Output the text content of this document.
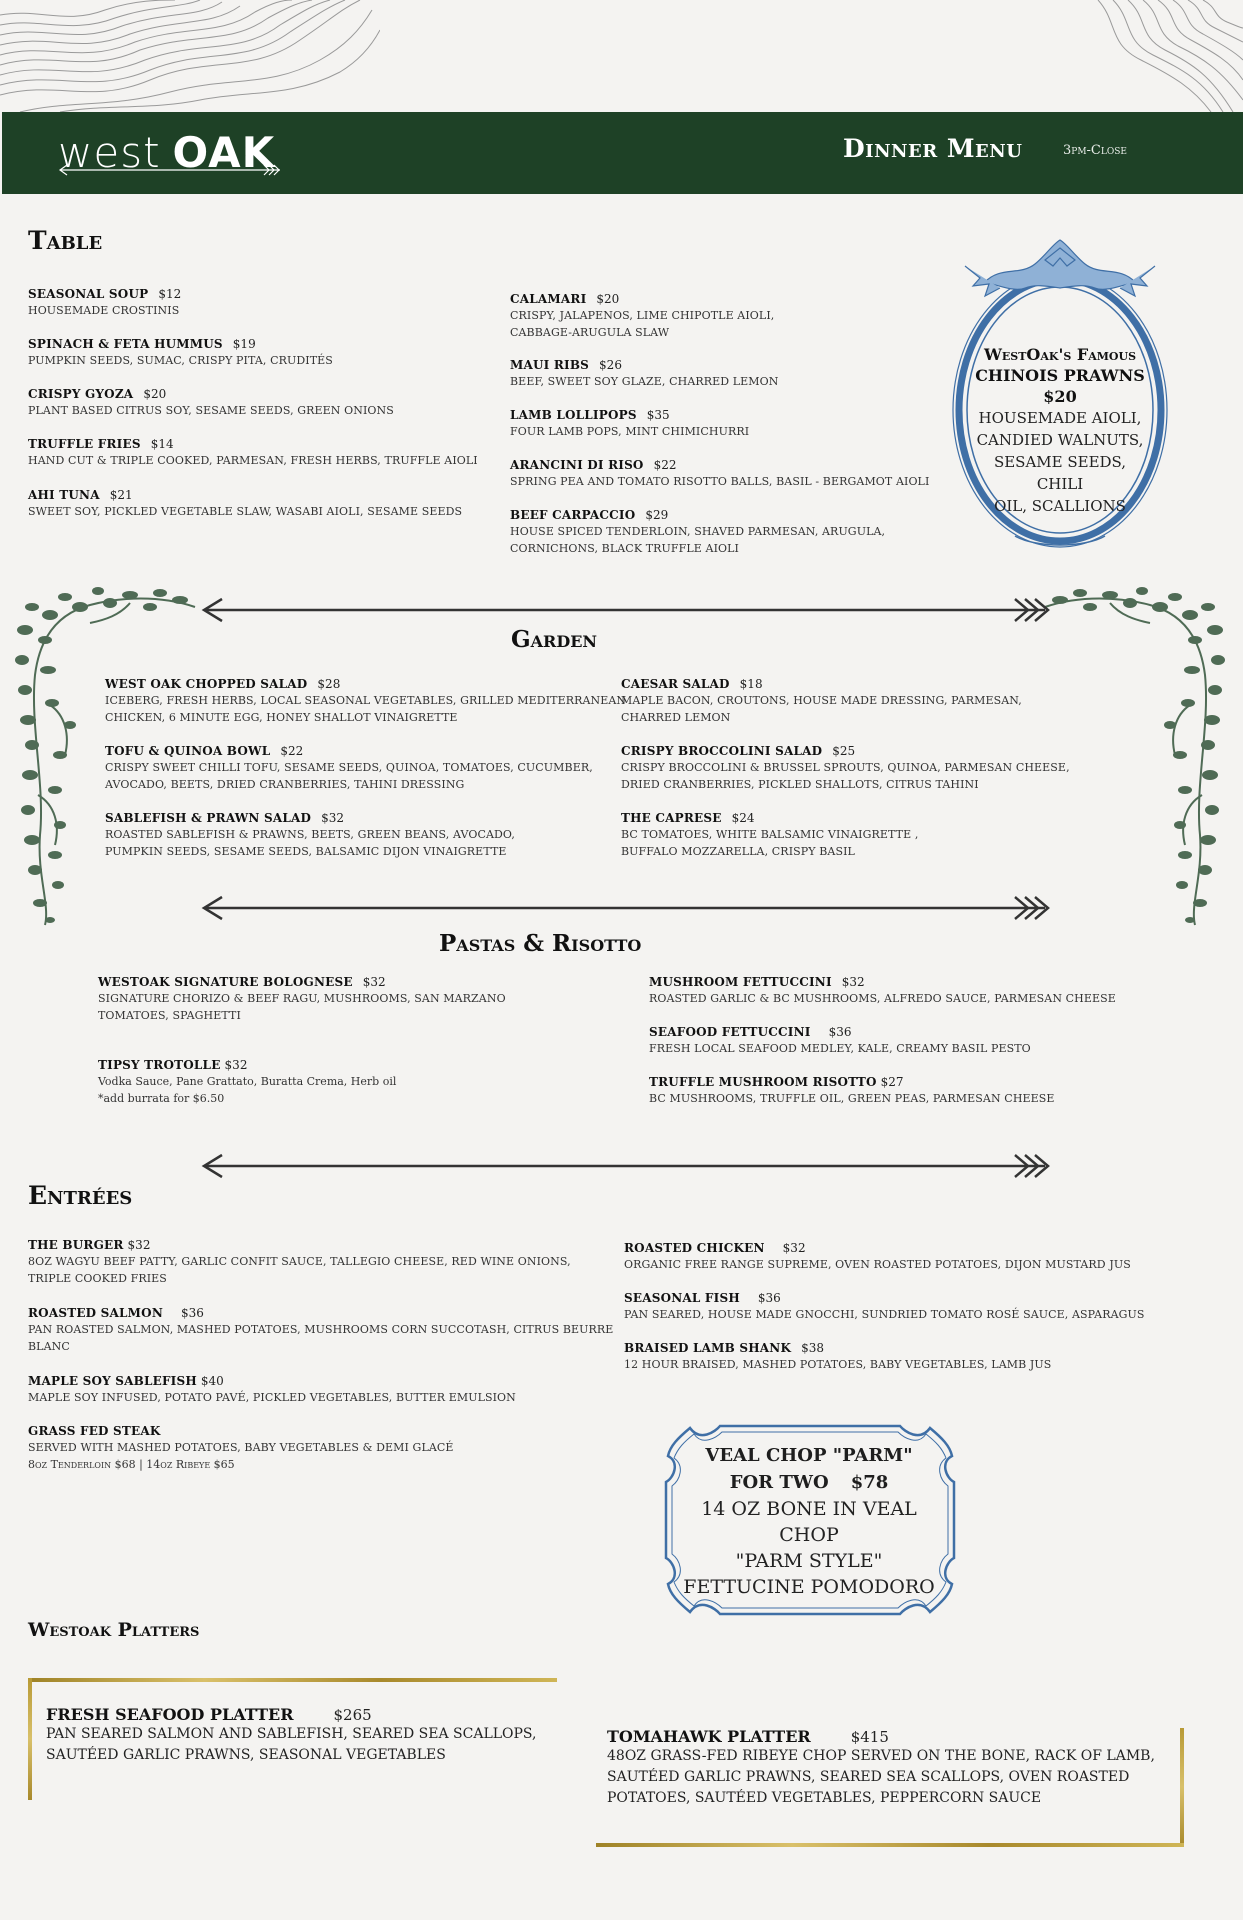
west OAK	Dinner Menu	3pm-Close
Table
SEASONAL SOUP $12
HOUSEMADE CROSTINIS
SPINACH & FETA HUMMUS $19
PUMPKIN SEEDS, SUMAC, CRISPY PITA, CRUDITÉS
CRISPY GYOZA $20
PLANT BASED CITRUS SOY, SESAME SEEDS, GREEN ONIONS
TRUFFLE FRIES $14
HAND CUT & TRIPLE COOKED, PARMESAN, FRESH HERBS, TRUFFLE AIOLI
AHI TUNA $21
SWEET SOY, PICKLED VEGETABLE SLAW, WASABI AIOLI, SESAME SEEDS
CALAMARI $20
CRISPY, JALAPENOS, LIME CHIPOTLE AIOLI,
CABBAGE-ARUGULA SLAW
MAUI RIBS $26
BEEF, SWEET SOY GLAZE, CHARRED LEMON
LAMB LOLLIPOPS $35
FOUR LAMB POPS, MINT CHIMICHURRI
ARANCINI DI RISO $22
SPRING PEA AND TOMATO RISOTTO BALLS, BASIL - BERGAMOT AIOLI
BEEF CARPACCIO $29
HOUSE SPICED TENDERLOIN, SHAVED PARMESAN, ARUGULA,
CORNICHONS, BLACK TRUFFLE AIOLI
WestOak's Famous
CHINOIS PRAWNS
$20
HOUSEMADE AIOLI,
CANDIED WALNUTS,
SESAME SEEDS, CHILI
OIL, SCALLIONS
Garden
WEST OAK CHOPPED SALAD $28
ICEBERG, FRESH HERBS, LOCAL SEASONAL VEGETABLES, GRILLED MEDITERRANEAN
CHICKEN, 6 MINUTE EGG, HONEY SHALLOT VINAIGRETTE
TOFU & QUINOA BOWL $22
CRISPY SWEET CHILLI TOFU, SESAME SEEDS, QUINOA, TOMATOES, CUCUMBER,
AVOCADO, BEETS, DRIED CRANBERRIES, TAHINI DRESSING
SABLEFISH & PRAWN SALAD $32
ROASTED SABLEFISH & PRAWNS, BEETS, GREEN BEANS, AVOCADO,
PUMPKIN SEEDS, SESAME SEEDS, BALSAMIC DIJON VINAIGRETTE
CAESAR SALAD $18
MAPLE BACON, CROUTONS, HOUSE MADE DRESSING, PARMESAN,
CHARRED LEMON
CRISPY BROCCOLINI SALAD $25
CRISPY BROCCOLINI & BRUSSEL SPROUTS, QUINOA, PARMESAN CHEESE,
DRIED CRANBERRIES, PICKLED SHALLOTS, CITRUS TAHINI
THE CAPRESE $24
BC TOMATOES, WHITE BALSAMIC VINAIGRETTE ,
BUFFALO MOZZARELLA, CRISPY BASIL
Pastas & Risotto
WESTOAK SIGNATURE BOLOGNESE $32
SIGNATURE CHORIZO & BEEF RAGU, MUSHROOMS, SAN MARZANO
TOMATOES, SPAGHETTI
TIPSY TROTOLLE $32
Vodka Sauce, Pane Grattato, Buratta Crema, Herb oil
*add burrata for $6.50
MUSHROOM FETTUCCINI $32
ROASTED GARLIC & BC MUSHROOMS, ALFREDO SAUCE, PARMESAN CHEESE
SEAFOOD FETTUCCINI $36
FRESH LOCAL SEAFOOD MEDLEY, KALE, CREAMY BASIL PESTO
TRUFFLE MUSHROOM RISOTTO $27
BC MUSHROOMS, TRUFFLE OIL, GREEN PEAS, PARMESAN CHEESE
Entrées
THE BURGER $32
8OZ WAGYU BEEF PATTY, GARLIC CONFIT SAUCE, TALLEGIO CHEESE, RED WINE ONIONS,
TRIPLE COOKED FRIES
ROASTED SALMON $36
PAN ROASTED SALMON, MASHED POTATOES, MUSHROOMS CORN SUCCOTASH, CITRUS BEURRE
BLANC
MAPLE SOY SABLEFISH $40
MAPLE SOY INFUSED, POTATO PAVÉ, PICKLED VEGETABLES, BUTTER EMULSION
GRASS FED STEAK
SERVED WITH MASHED POTATOES, BABY VEGETABLES & DEMI GLACÉ
8oz Tenderloin $68 | 14oz Ribeye $65
ROASTED CHICKEN $32
ORGANIC FREE RANGE SUPREME, OVEN ROASTED POTATOES, DIJON MUSTARD JUS
SEASONAL FISH $36
PAN SEARED, HOUSE MADE GNOCCHI, SUNDRIED TOMATO ROSÉ SAUCE, ASPARAGUS
BRAISED LAMB SHANK $38
12 HOUR BRAISED, MASHED POTATOES, BABY VEGETABLES, LAMB JUS
VEAL CHOP "PARM"
FOR TWO $78
14 OZ BONE IN VEAL CHOP
"PARM STYLE"
FETTUCINE POMODORO
Westoak Platters
FRESH SEAFOOD PLATTER	$265
PAN SEARED SALMON AND SABLEFISH, SEARED SEA SCALLOPS,
SAUTÉED GARLIC PRAWNS, SEASONAL VEGETABLES
TOMAHAWK PLATTER	$415
48OZ GRASS-FED RIBEYE CHOP SERVED ON THE BONE, RACK OF LAMB,
SAUTÉED GARLIC PRAWNS, SEARED SEA SCALLOPS, OVEN ROASTED
POTATOES, SAUTÉED VEGETABLES, PEPPERCORN SAUCE
